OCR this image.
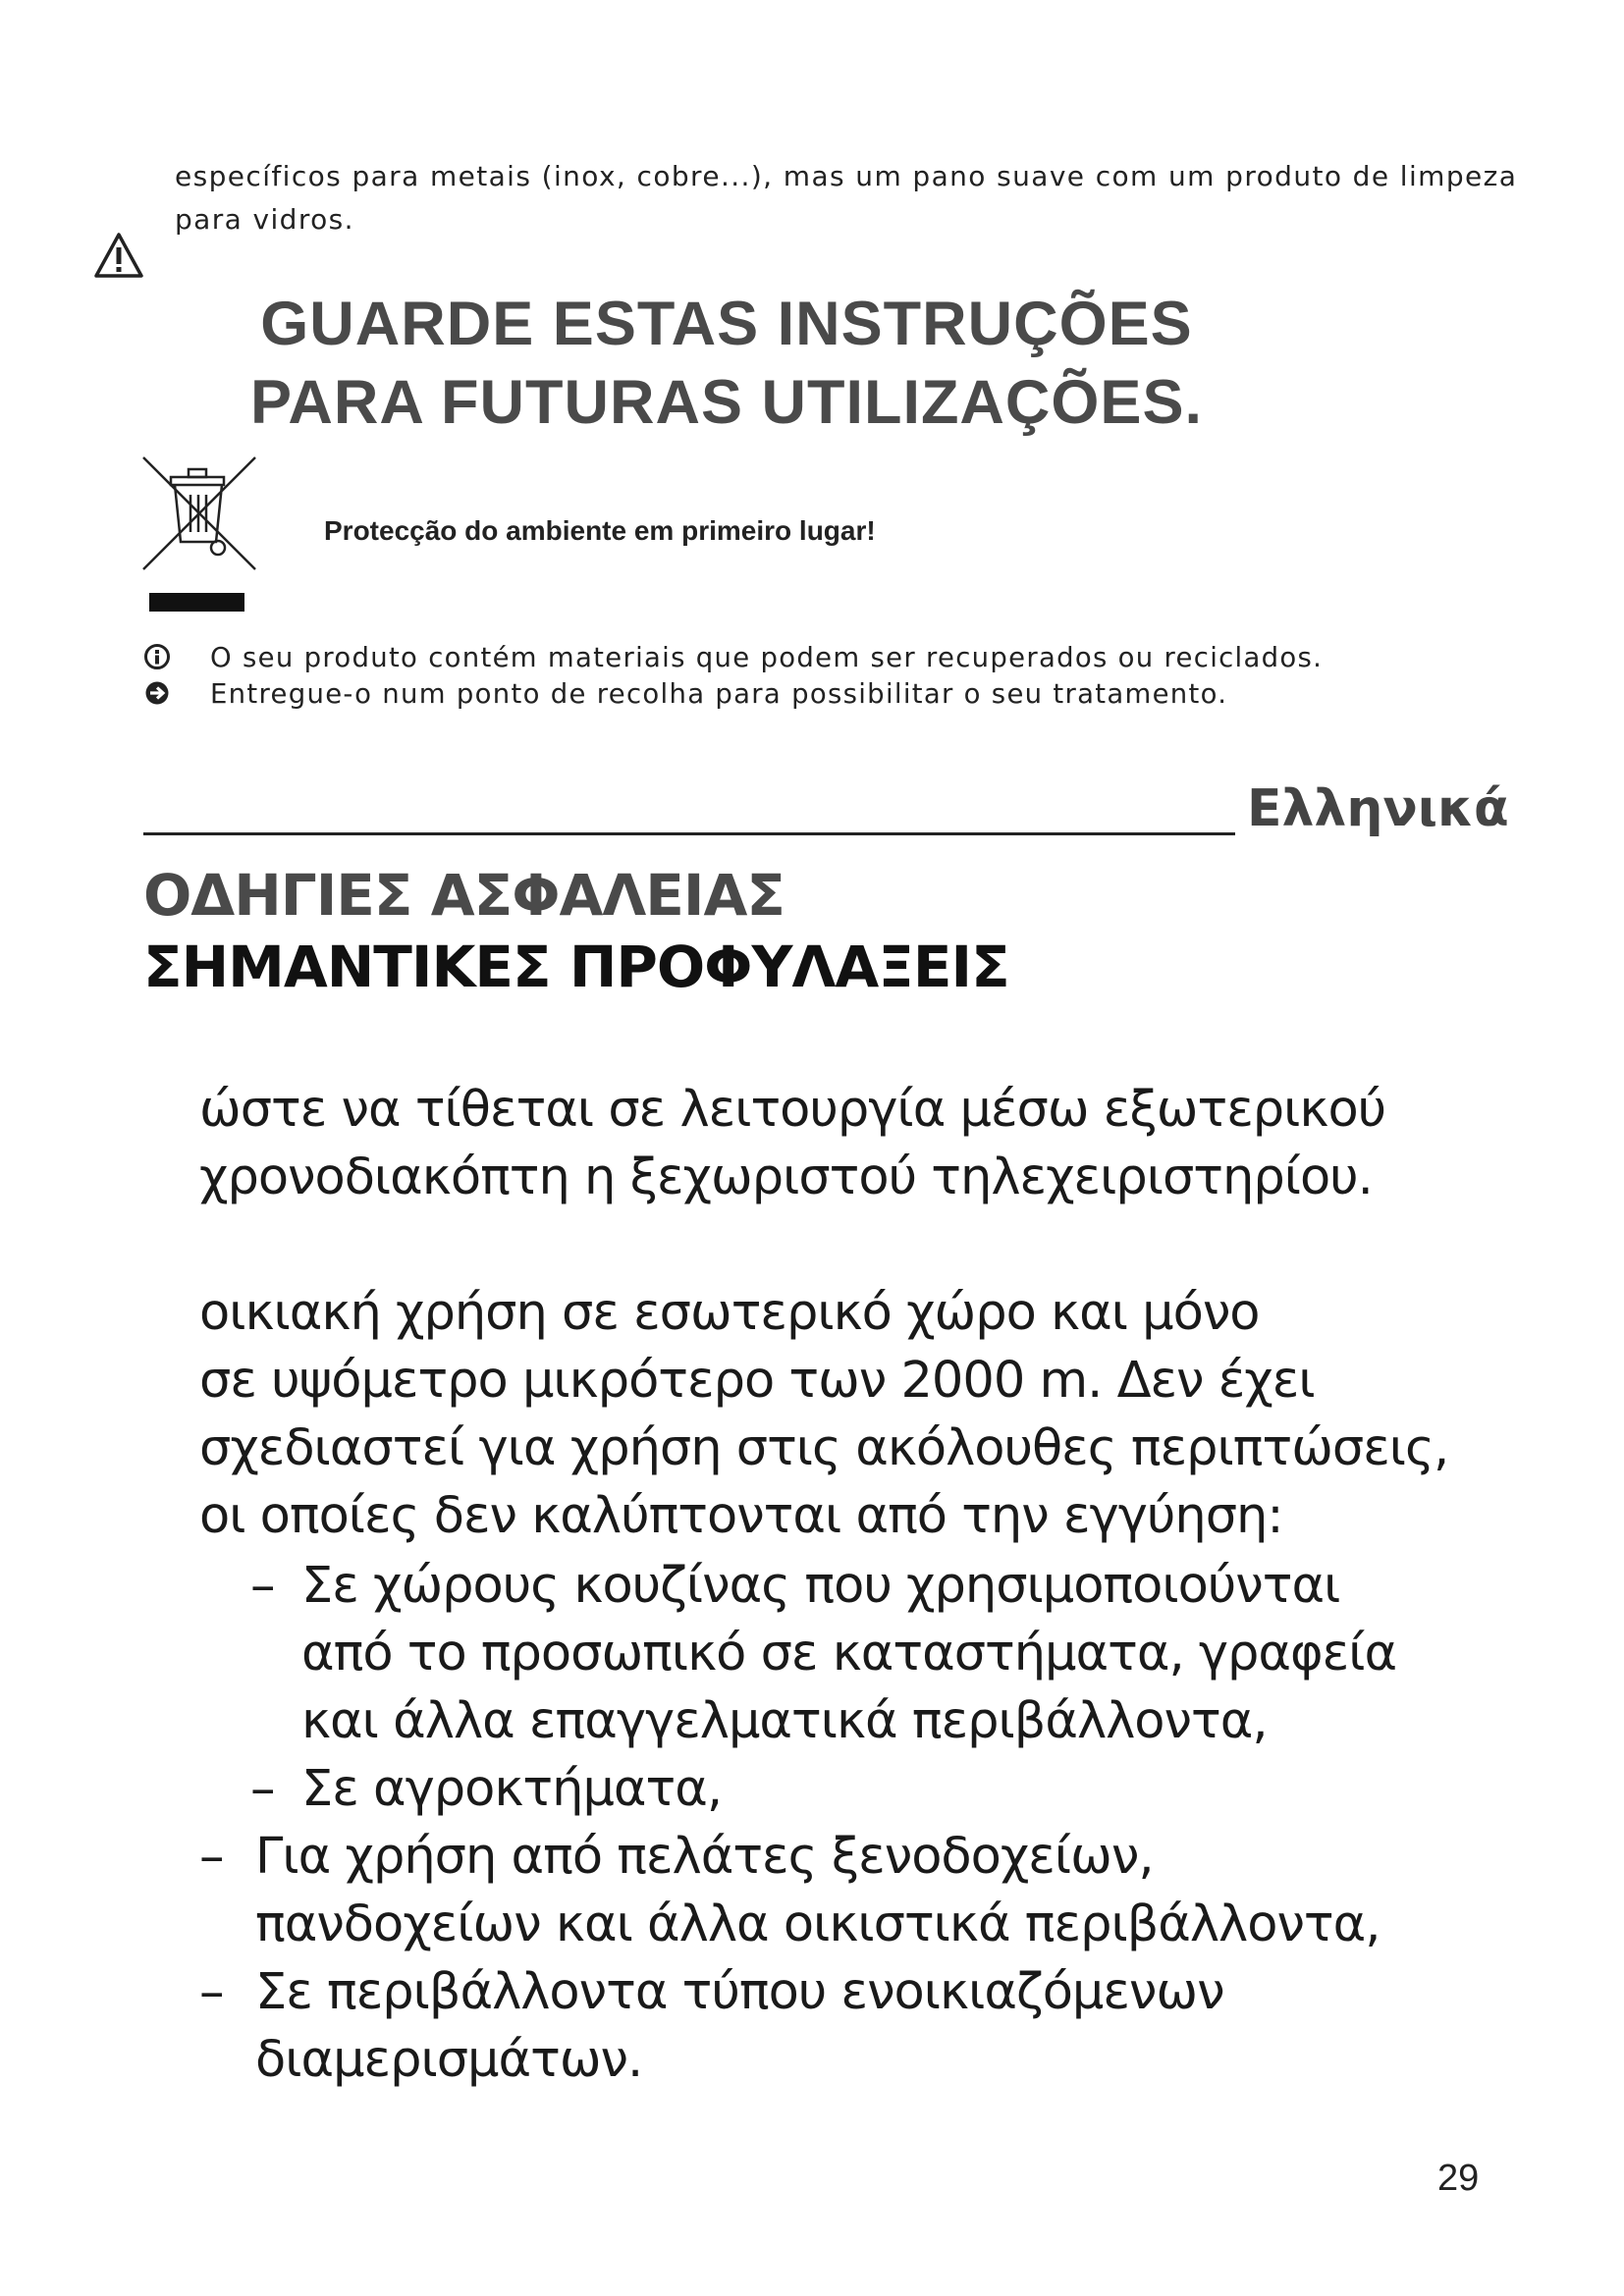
específicos para metais (inox, cobre...), mas um pano suave com um produto de limpeza para vidros.
GUARDE ESTAS INSTRUÇÕES
PARA FUTURAS UTILIZAÇÕES.
Protecção do ambiente em primeiro lugar!
O seu produto contém materiais que podem ser recuperados ou reciclados.
Entregue-o num ponto de recolha para possibilitar o seu tratamento.
Ελληνικά
ΟΔΗΓΙΕΣ ΑΣΦΑΛΕΙΑΣ
ΣΗΜΑΝΤΙΚΕΣ ΠΡΟΦΥΛΑΞΕΙΣ
ώστε να τίθεται σε λειτουργία μέσω εξωτερικού
χρονοδιακόπτη η ξεχωριστού τηλεχειριστηρίου.
οικιακή χρήση σε εσωτερικό χώρο και μόνο
σε υψόμετρο μικρότερο των 2000 m. Δεν έχει
σχεδιαστεί για χρήση στις ακόλουθες περιπτώσεις,
οι οποίες δεν καλύπτονται από την εγγύηση:
– Σε χώρους κουζίνας που χρησιμοποιούνται
από το προσωπικό σε καταστήματα, γραφεία
και άλλα επαγγελματικά περιβάλλοντα,
– Σε αγροκτήματα,
– Για χρήση από πελάτες ξενοδοχείων,
πανδοχείων και άλλα οικιστικά περιβάλλοντα,
– Σε περιβάλλοντα τύπου ενοικιαζόμενων
διαμερισμάτων.
29
